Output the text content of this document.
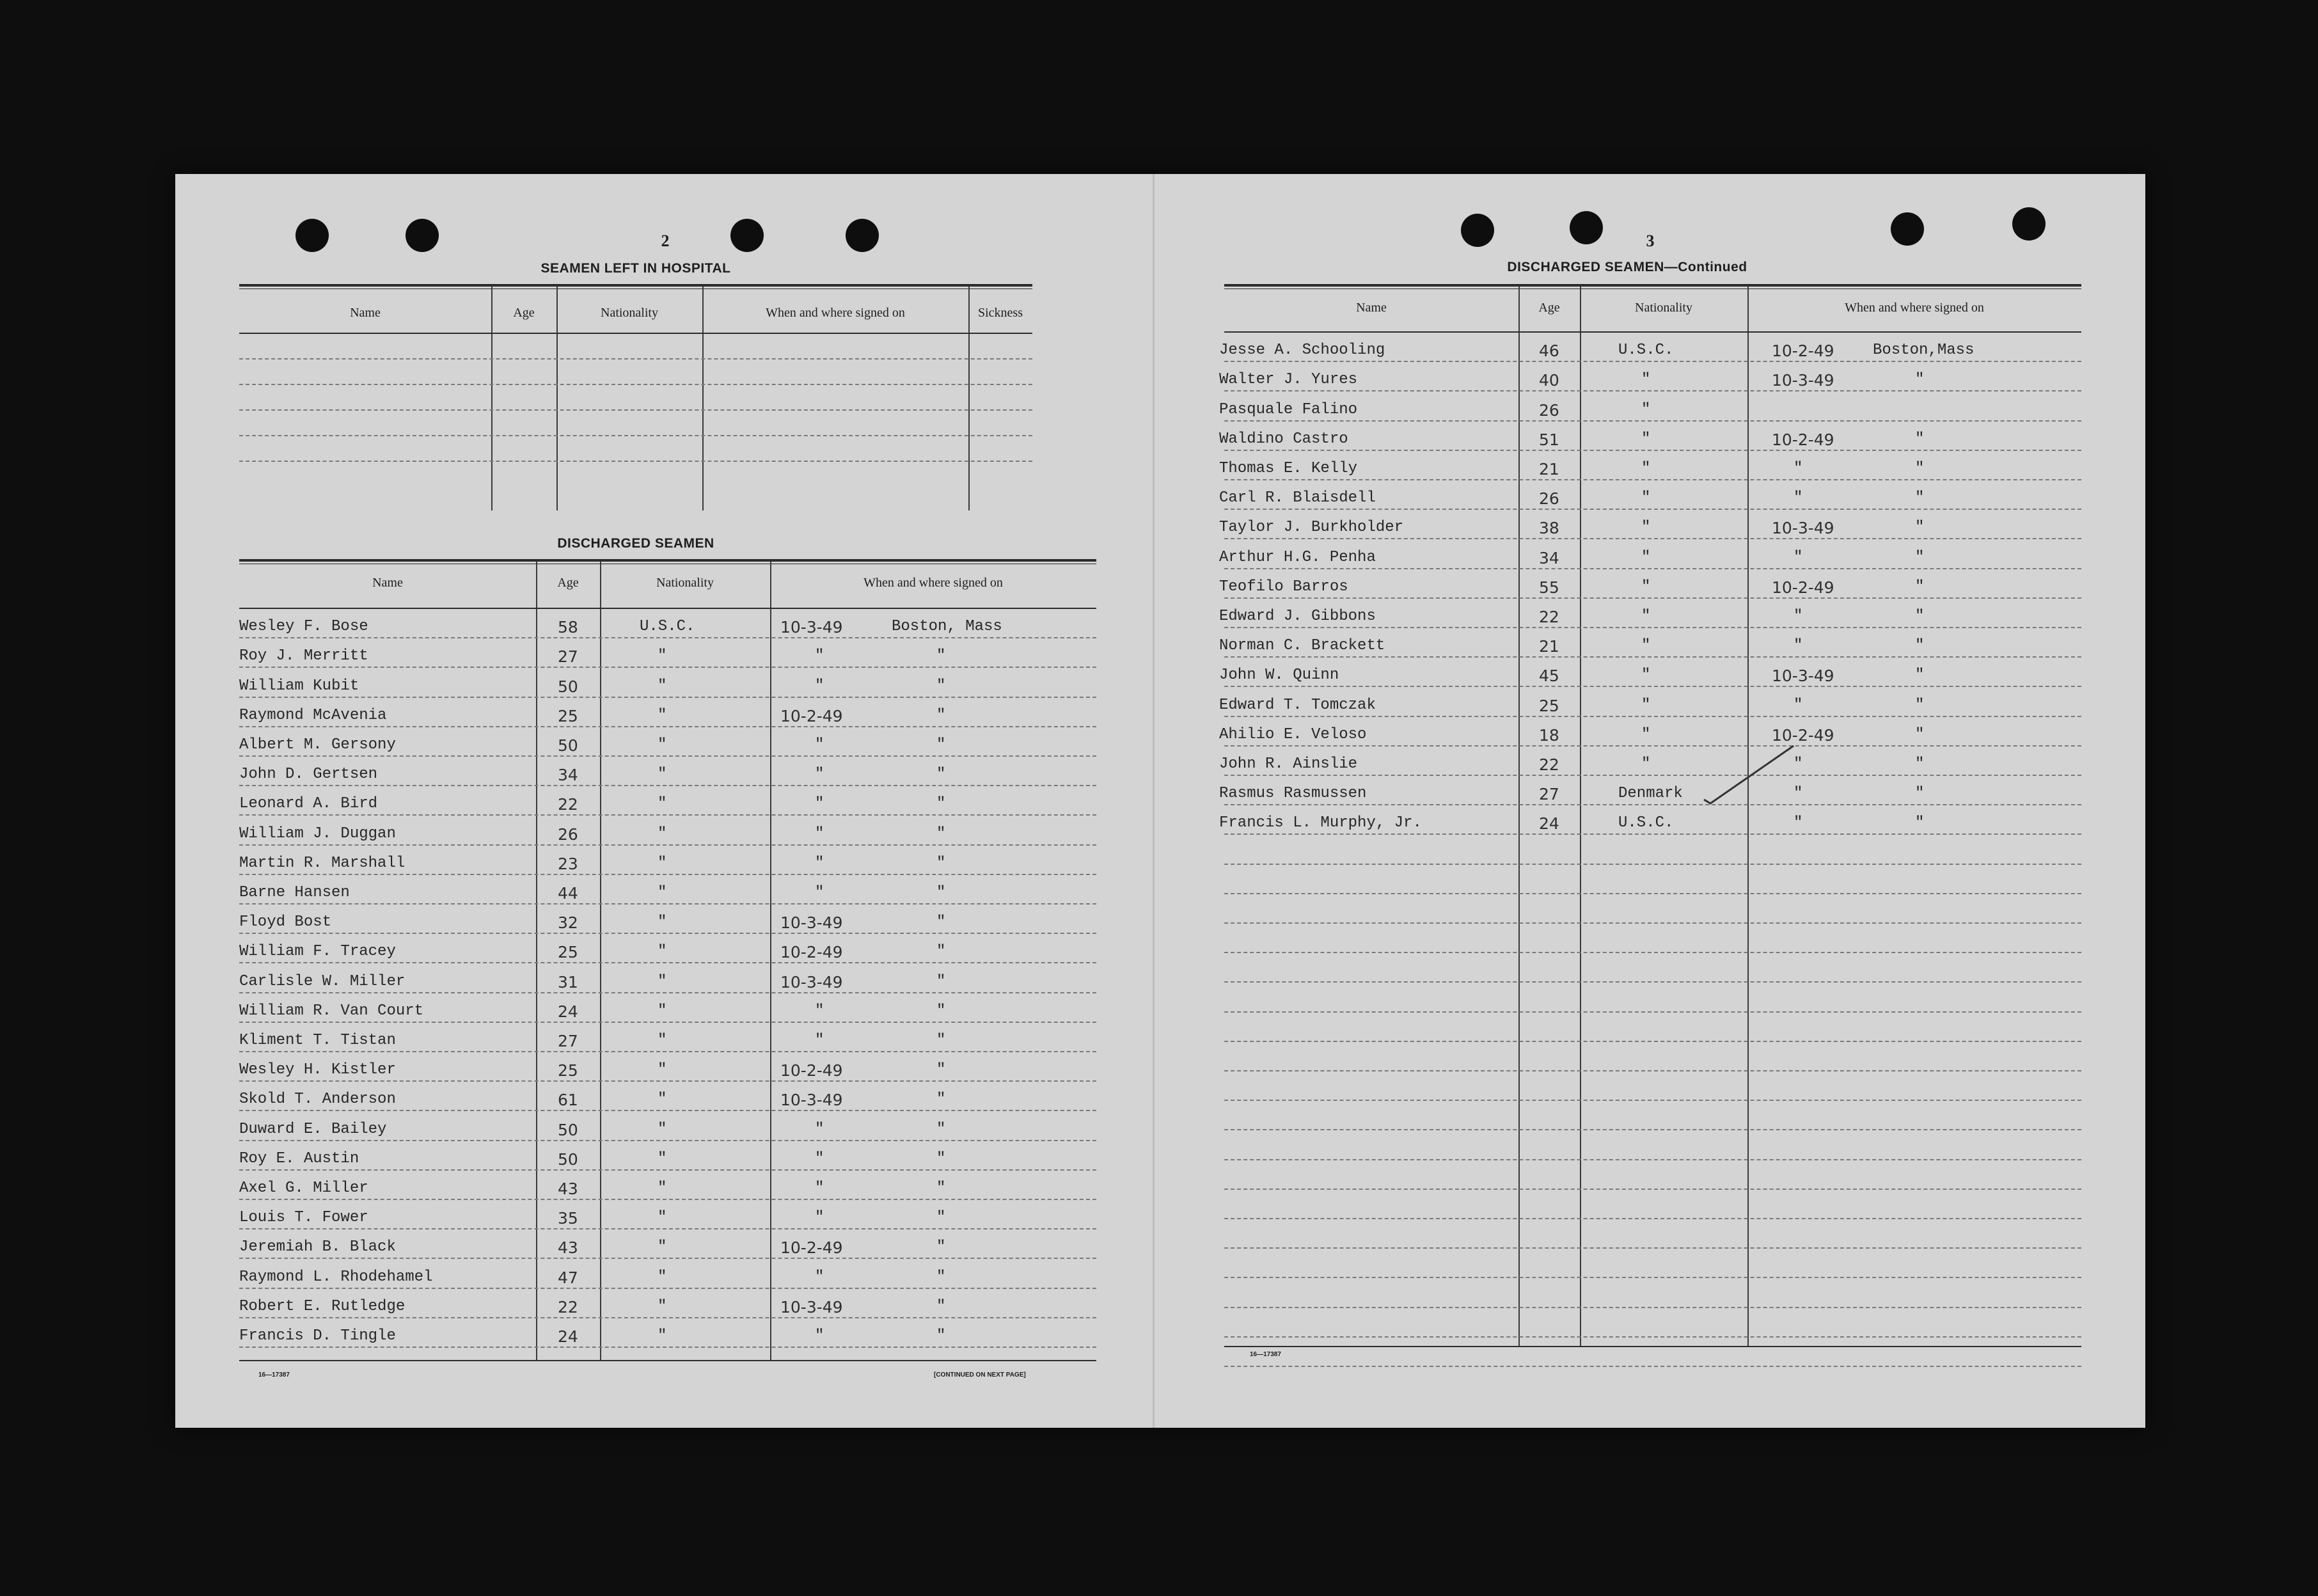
2
SEAMEN LEFT IN HOSPITAL
Name	Age	Nationality	When and where signed on	Sickness
DISCHARGED SEAMEN
Name	Age	Nationality	When and where signed on
Wesley F. Bose	58	U.S.C.	10-3-49	Boston, Mass
Roy J. Merritt	27	"	"	"
William Kubit	50	"	"	"
Raymond McAvenia	25	"	10-2-49	"
Albert M. Gersony	50	"	"	"
John D. Gertsen	34	"	"	"
Leonard A. Bird	22	"	"	"
William J. Duggan	26	"	"	"
Martin R. Marshall	23	"	"	"
Barne Hansen	44	"	"	"
Floyd Bost	32	"	10-3-49	"
William F. Tracey	25	"	10-2-49	"
Carlisle W. Miller	31	"	10-3-49	"
William R. Van Court	24	"	"	"
Kliment T. Tistan	27	"	"	"
Wesley H. Kistler	25	"	10-2-49	"
Skold T. Anderson	61	"	10-3-49	"
Duward E. Bailey	50	"	"	"
Roy E. Austin	50	"	"	"
Axel G. Miller	43	"	"	"
Louis T. Fower	35	"	"	"
Jeremiah B. Black	43	"	10-2-49	"
Raymond L. Rhodehamel	47	"	"	"
Robert E. Rutledge	22	"	10-3-49	"
Francis D. Tingle	24	"	"	"
16—17387	[CONTINUED ON NEXT PAGE]
3
DISCHARGED SEAMEN—Continued
Name	Age	Nationality	When and where signed on
Jesse A. Schooling	46	U.S.C.	10-2-49	Boston,Mass
Walter J. Yures	40	"	10-3-49	"
Pasquale Falino	26	"
Waldino Castro	51	"	10-2-49	"
Thomas E. Kelly	21	"	"	"
Carl R. Blaisdell	26	"	"	"
Taylor J. Burkholder	38	"	10-3-49	"
Arthur H.G. Penha	34	"	"	"
Teofilo Barros	55	"	10-2-49	"
Edward J. Gibbons	22	"	"	"
Norman C. Brackett	21	"	"	"
John W. Quinn	45	"	10-3-49	"
Edward T. Tomczak	25	"	"	"
Ahilio E. Veloso	18	"	10-2-49	"
John R. Ainslie	22	"	"	"
Rasmus Rasmussen	27	Denmark	"	"
Francis L. Murphy, Jr.	24	U.S.C.	"	"
16—17387
